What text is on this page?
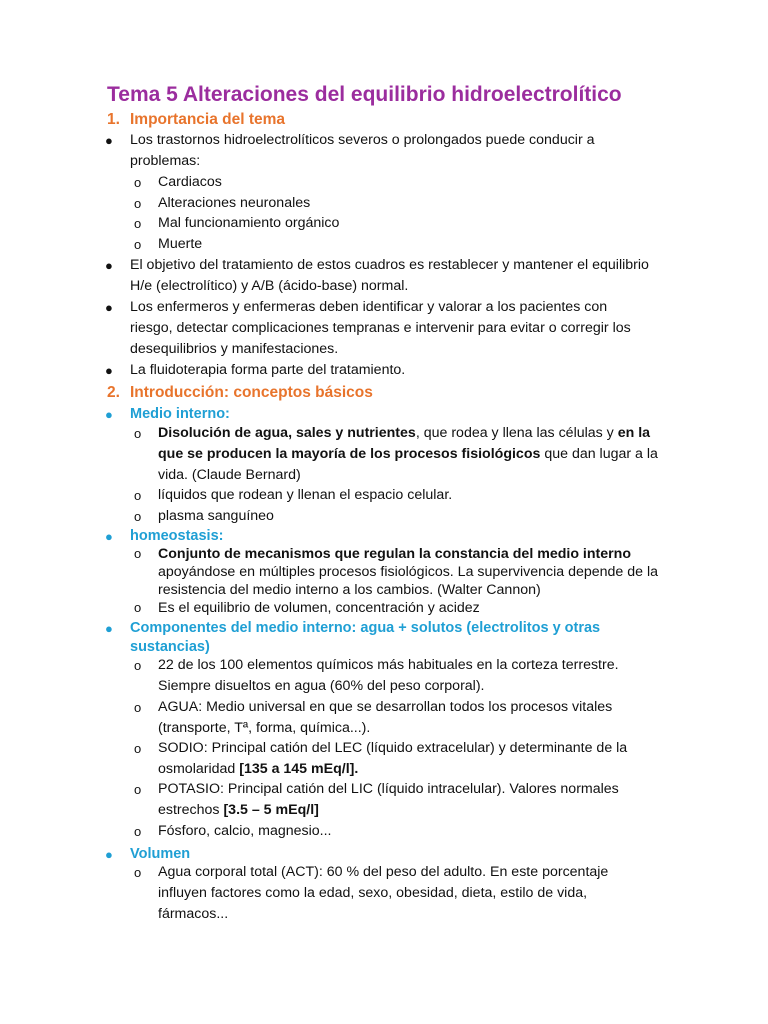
Tema 5 Alteraciones del equilibrio hidroelectrolítico
1. Importancia del tema
● Los trastornos hidroelectrolíticos severos o prolongados puede conducir a problemas:
o Cardiacos
o Alteraciones neuronales
o Mal funcionamiento orgánico
o Muerte
● El objetivo del tratamiento de estos cuadros es restablecer y mantener el equilibrio H/e (electrolítico) y A/B (ácido-base) normal.
● Los enfermeros y enfermeras deben identificar y valorar a los pacientes con riesgo, detectar complicaciones tempranas e intervenir para evitar o corregir los desequilibrios y manifestaciones.
● La fluidoterapia forma parte del tratamiento.
2. Introducción: conceptos básicos
● Medio interno:
o Disolución de agua, sales y nutrientes, que rodea y llena las células y en la que se producen la mayoría de los procesos fisiológicos que dan lugar a la vida. (Claude Bernard)
o líquidos que rodean y llenan el espacio celular.
o plasma sanguíneo
● homeostasis:
o Conjunto de mecanismos que regulan la constancia del medio interno apoyándose en múltiples procesos fisiológicos. La supervivencia depende de la resistencia del medio interno a los cambios. (Walter Cannon)
o Es el equilibrio de volumen, concentración y acidez
● Componentes del medio interno: agua + solutos (electrolitos y otras sustancias)
o 22 de los 100 elementos químicos más habituales en la corteza terrestre. Siempre disueltos en agua (60% del peso corporal).
o AGUA: Medio universal en que se desarrollan todos los procesos vitales (transporte, Tª, forma, química...).
o SODIO: Principal catión del LEC (líquido extracelular) y determinante de la osmolaridad [135 a 145 mEq/l].
o POTASIO: Principal catión del LIC (líquido intracelular). Valores normales estrechos [3.5 – 5 mEq/l]
o Fósforo, calcio, magnesio...
● Volumen
o Agua corporal total (ACT): 60 % del peso del adulto. En este porcentaje influyen factores como la edad, sexo, obesidad, dieta, estilo de vida, fármacos...
